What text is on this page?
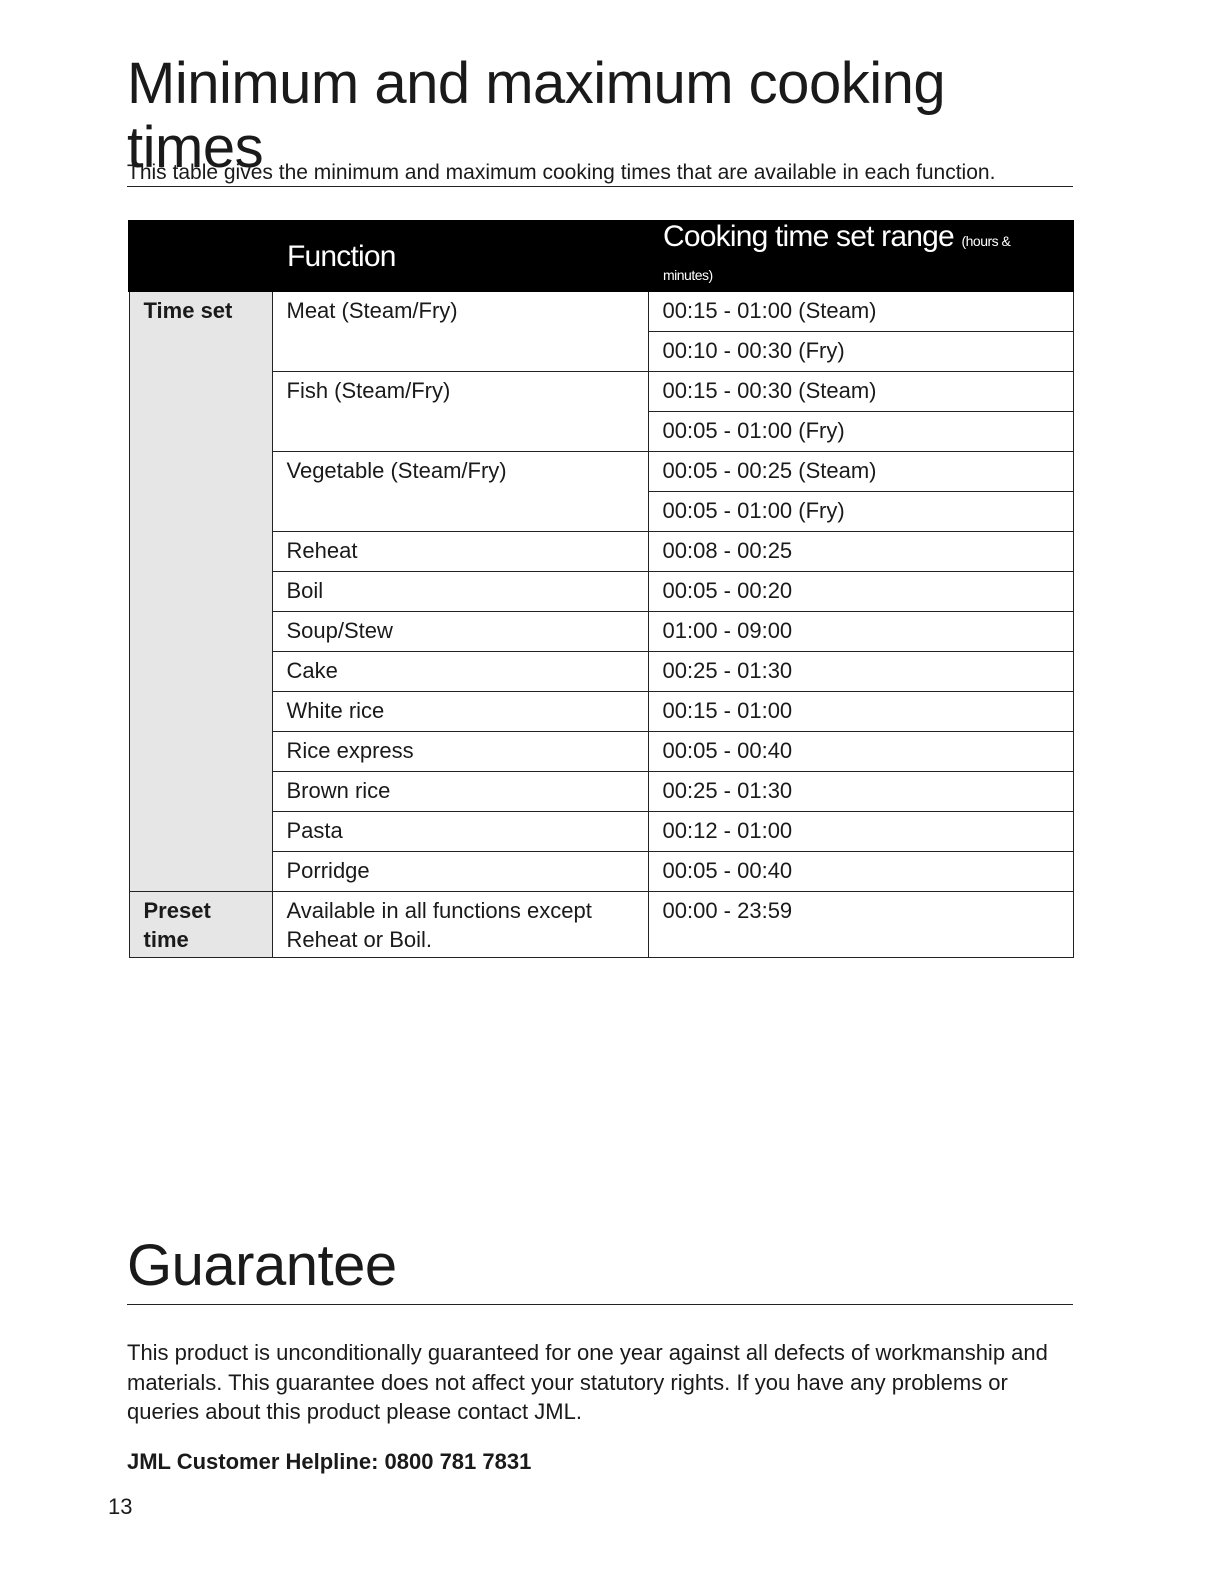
Minimum and maximum cooking times
This table gives the minimum and maximum cooking times that are available in each function.
	Function	Cooking time set range (hours & minutes)
Time set	Meat (Steam/Fry)	00:15 - 01:00 (Steam)
		00:10 - 00:30 (Fry)
	Fish (Steam/Fry)	00:15 - 00:30 (Steam)
		00:05 - 01:00 (Fry)
	Vegetable (Steam/Fry)	00:05 - 00:25 (Steam)
		00:05 - 01:00 (Fry)
	Reheat	00:08 - 00:25
	Boil	00:05 - 00:20
	Soup/Stew	01:00 - 09:00
	Cake	00:25 - 01:30
	White rice	00:15 - 01:00
	Rice express	00:05 - 00:40
	Brown rice	00:25 - 01:30
	Pasta	00:12 - 01:00
	Porridge	00:05 - 00:40
Preset time	Available in all functions except Reheat or Boil.	00:00 - 23:59
Guarantee
This product is unconditionally guaranteed for one year against all defects of workmanship and materials. This guarantee does not affect your statutory rights. If you have any problems or queries about this product please contact JML.
JML Customer Helpline: 0800 781 7831
13
